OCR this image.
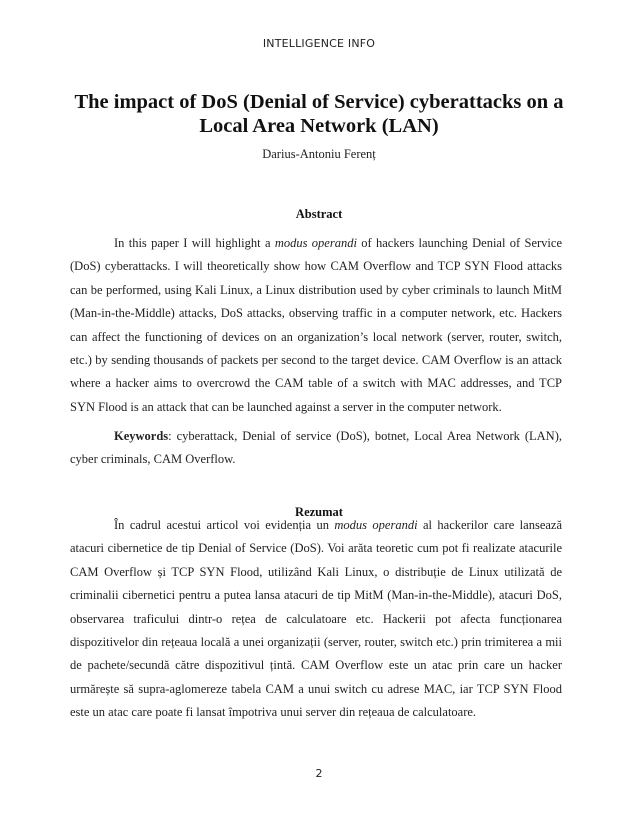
INTELLIGENCE INFO
The impact of DoS (Denial of Service) cyberattacks on a Local Area Network (LAN)
Darius-Antoniu Ferenț
Abstract

In this paper I will highlight a modus operandi of hackers launching Denial of Service (DoS) cyberattacks. I will theoretically show how CAM Overflow and TCP SYN Flood attacks can be performed, using Kali Linux, a Linux distribution used by cyber criminals to launch MitM (Man-in-the-Middle) attacks, DoS attacks, observing traffic in a computer network, etc. Hackers can affect the functioning of devices on an organization’s local network (server, router, switch, etc.) by sending thousands of packets per second to the target device. CAM Overflow is an attack where a hacker aims to overcrowd the CAM table of a switch with MAC addresses, and TCP SYN Flood is an attack that can be launched against a server in the computer network.

Keywords: cyberattack, Denial of service (DoS), botnet, Local Area Network (LAN), cyber criminals, CAM Overflow.

Rezumat

În cadrul acestui articol voi evidenția un modus operandi al hackerilor care lansează atacuri cibernetice de tip Denial of Service (DoS). Voi arăta teoretic cum pot fi realizate atacurile CAM Overflow și TCP SYN Flood, utilizând Kali Linux, o distribuție de Linux utilizată de criminalii cibernetici pentru a putea lansa atacuri de tip MitM (Man-in-the-Middle), atacuri DoS, observarea traficului dintr-o rețea de calculatoare etc. Hackerii pot afecta funcționarea dispozitivelor din rețeaua locală a unei organizații (server, router, switch etc.) prin trimiterea a mii de pachete/secundă către dispozitivul țintă. CAM Overflow este un atac prin care un hacker urmărește să supra-aglomereze tabela CAM a unui switch cu adrese MAC, iar TCP SYN Flood este un atac care poate fi lansat împotriva unui server din rețeaua de calculatoare.

2
